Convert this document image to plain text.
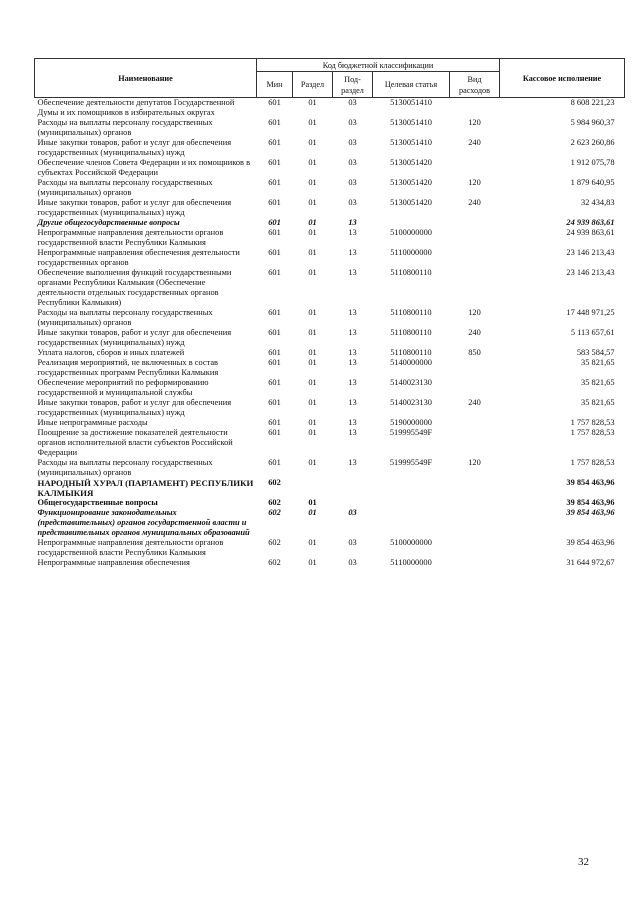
Наименование	Код бюджетной классификации					Кассовое исполнение
	Мин	Раздел	Под-раздел	Целевая статья	Вид расходов	
Обеспечение деятельности депутатов Государственной Думы и их помощников в избирательных округах	601	01	03	5130051410		8 608 221,23
Расходы на выплаты персоналу государственных (муниципальных) органов	601	01	03	5130051410	120	5 984 960,37
Иные закупки товаров, работ и услуг для обеспечения государственных (муниципальных) нужд	601	01	03	5130051410	240	2 623 260,86
Обеспечение членов Совета Федерации и их помощников в субъектах Российской Федерации	601	01	03	5130051420		1 912 075,78
Расходы на выплаты персоналу государственных (муниципальных) органов	601	01	03	5130051420	120	1 879 640,95
Иные закупки товаров, работ и услуг для обеспечения государственных (муниципальных) нужд	601	01	03	5130051420	240	32 434,83
Другие общегосударственные вопросы	601	01	13			24 939 863,61
Непрограммные направления деятельности органов государственной власти Республики Калмыкия	601	01	13	5100000000		24 939 863,61
Непрограммные направления обеспечения деятельности государственных органов	601	01	13	5110000000		23 146 213,43
Обеспечение выполнения функций государственными органами Республики Калмыкия (Обеспечение деятельности отдельных государственных органов Республики Калмыкия)	601	01	13	5110800110		23 146 213,43
Расходы на выплаты персоналу государственных (муниципальных) органов	601	01	13	5110800110	120	17 448 971,25
Иные закупки товаров, работ и услуг для обеспечения государственных (муниципальных) нужд	601	01	13	5110800110	240	5 113 657,61
Уплата налогов, сборов и иных платежей	601	01	13	5110800110	850	583 584,57
Реализация мероприятий, не включенных в состав государственных программ Республики Калмыкия	601	01	13	5140000000		35 821,65
Обеспечение мероприятий по реформированию государственной и муниципальной службы	601	01	13	5140023130		35 821,65
Иные закупки товаров, работ и услуг для обеспечения государственных (муниципальных) нужд	601	01	13	5140023130	240	35 821,65
Иные непрограммные расходы	601	01	13	5190000000		1 757 828,53
Поощрение за достижение показателей деятельности органов исполнительной власти субъектов Российской Федерации	601	01	13	519995549F		1 757 828,53
Расходы на выплаты персоналу государственных (муниципальных) органов	601	01	13	519995549F	120	1 757 828,53
НАРОДНЫЙ ХУРАЛ (ПАРЛАМЕНТ) РЕСПУБЛИКИ КАЛМЫКИЯ	602					39 854 463,96
Общегосударственные вопросы	602	01				39 854 463,96
Функционирование законодательных (представительных) органов государственной власти и представительных органов муниципальных образований	602	01	03			39 854 463,96
Непрограммные направления деятельности органов государственной власти Республики Калмыкия	602	01	03	5100000000		39 854 463,96
Непрограммные направления обеспечения	602	01	03	5110000000		31 644 972,67
32
